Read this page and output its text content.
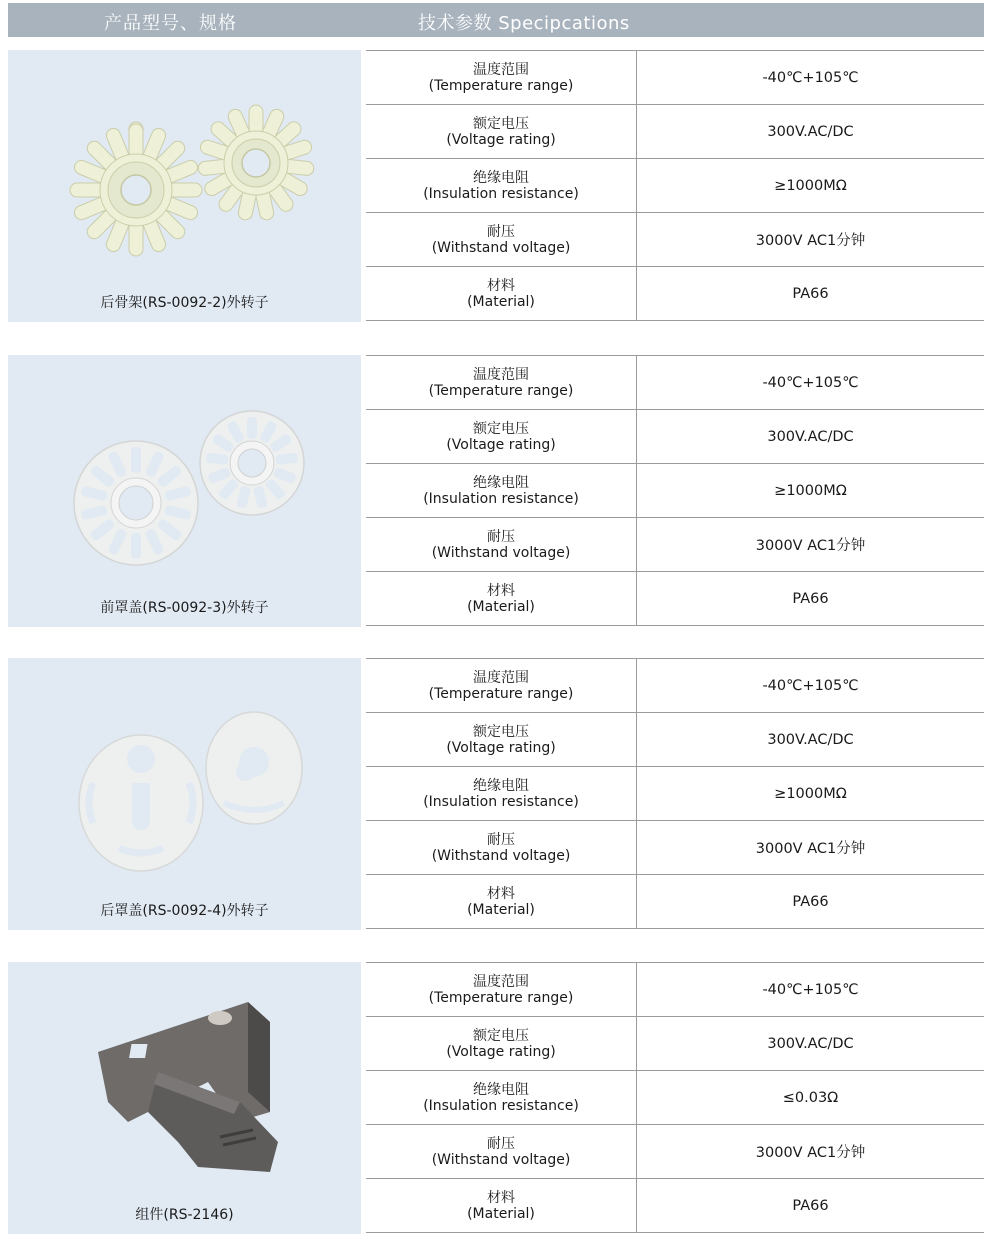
产品型号、规格	技术参数 Specipcations
后骨架(RS-0092-2)外转子
温度范围
(Temperature range)	-40℃+105℃
额定电压
(Voltage rating)	300V.AC/DC
绝缘电阻
(Insulation resistance)	≥1000MΩ
耐压
(Withstand voltage)	3000V AC1分钟
材料
(Material)	PA66
前罩盖(RS-0092-3)外转子
温度范围
(Temperature range)	-40℃+105℃
额定电压
(Voltage rating)	300V.AC/DC
绝缘电阻
(Insulation resistance)	≥1000MΩ
耐压
(Withstand voltage)	3000V AC1分钟
材料
(Material)	PA66
后罩盖(RS-0092-4)外转子
温度范围
(Temperature range)	-40℃+105℃
额定电压
(Voltage rating)	300V.AC/DC
绝缘电阻
(Insulation resistance)	≥1000MΩ
耐压
(Withstand voltage)	3000V AC1分钟
材料
(Material)	PA66
组件(RS-2146)
温度范围
(Temperature range)	-40℃+105℃
额定电压
(Voltage rating)	300V.AC/DC
绝缘电阻
(Insulation resistance)	≤0.03Ω
耐压
(Withstand voltage)	3000V AC1分钟
材料
(Material)	PA66
